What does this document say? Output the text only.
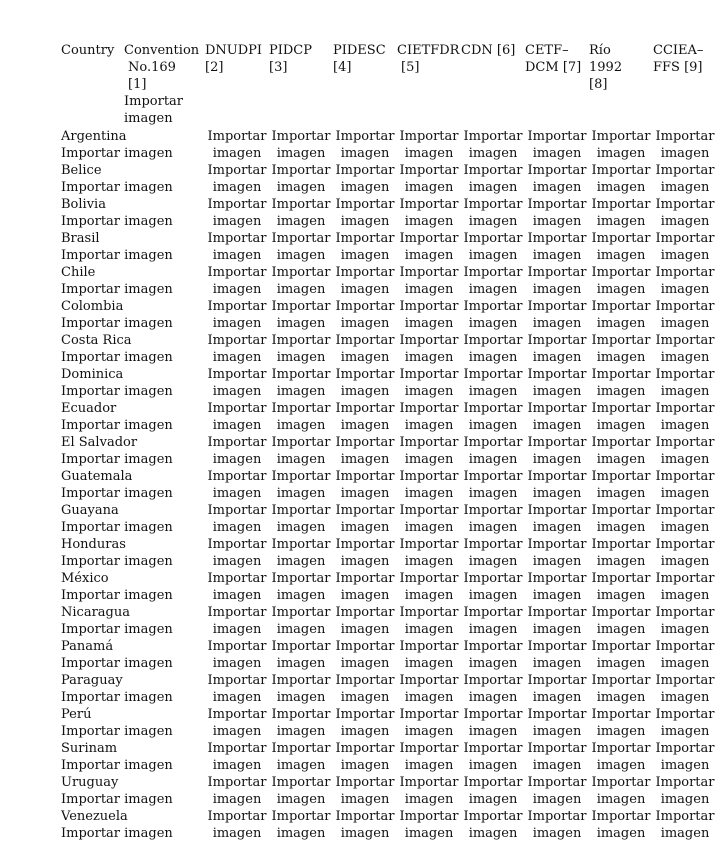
Country Convention
No.169
[1]
Importar
imagen
DNUDPI
[2]
PIDCP
[3]
PIDESC
[4]
CIETFDR
[5]
CDN [6] CETF–
DCM [7]
Río
1992
[8]
CCIEA–
FFS [9]
Argentina
Importar imagen
Importar
imagen
Importar
imagen
Importar
imagen
Importar
imagen
Importar
imagen
Importar
imagen
Importar
imagen
Importar
imagen
Belice
Importar imagen
Importar
imagen
Importar
imagen
Importar
imagen
Importar
imagen
Importar
imagen
Importar
imagen
Importar
imagen
Importar
imagen
Bolivia
Importar imagen
Importar
imagen
Importar
imagen
Importar
imagen
Importar
imagen
Importar
imagen
Importar
imagen
Importar
imagen
Importar
imagen
Brasil
Importar imagen
Importar
imagen
Importar
imagen
Importar
imagen
Importar
imagen
Importar
imagen
Importar
imagen
Importar
imagen
Importar
imagen
Chile
Importar imagen
Importar
imagen
Importar
imagen
Importar
imagen
Importar
imagen
Importar
imagen
Importar
imagen
Importar
imagen
Importar
imagen
Colombia
Importar imagen
Importar
imagen
Importar
imagen
Importar
imagen
Importar
imagen
Importar
imagen
Importar
imagen
Importar
imagen
Importar
imagen
Costa Rica
Importar imagen
Importar
imagen
Importar
imagen
Importar
imagen
Importar
imagen
Importar
imagen
Importar
imagen
Importar
imagen
Importar
imagen
Dominica
Importar imagen
Importar
imagen
Importar
imagen
Importar
imagen
Importar
imagen
Importar
imagen
Importar
imagen
Importar
imagen
Importar
imagen
Ecuador
Importar imagen
Importar
imagen
Importar
imagen
Importar
imagen
Importar
imagen
Importar
imagen
Importar
imagen
Importar
imagen
Importar
imagen
El Salvador
Importar imagen
Importar
imagen
Importar
imagen
Importar
imagen
Importar
imagen
Importar
imagen
Importar
imagen
Importar
imagen
Importar
imagen
Guatemala
Importar imagen
Importar
imagen
Importar
imagen
Importar
imagen
Importar
imagen
Importar
imagen
Importar
imagen
Importar
imagen
Importar
imagen
Guayana
Importar imagen
Importar
imagen
Importar
imagen
Importar
imagen
Importar
imagen
Importar
imagen
Importar
imagen
Importar
imagen
Importar
imagen
Honduras
Importar imagen
Importar
imagen
Importar
imagen
Importar
imagen
Importar
imagen
Importar
imagen
Importar
imagen
Importar
imagen
Importar
imagen
México
Importar imagen
Importar
imagen
Importar
imagen
Importar
imagen
Importar
imagen
Importar
imagen
Importar
imagen
Importar
imagen
Importar
imagen
Nicaragua
Importar imagen
Importar
imagen
Importar
imagen
Importar
imagen
Importar
imagen
Importar
imagen
Importar
imagen
Importar
imagen
Importar
imagen
Panamá
Importar imagen
Importar
imagen
Importar
imagen
Importar
imagen
Importar
imagen
Importar
imagen
Importar
imagen
Importar
imagen
Importar
imagen
Paraguay
Importar imagen
Importar
imagen
Importar
imagen
Importar
imagen
Importar
imagen
Importar
imagen
Importar
imagen
Importar
imagen
Importar
imagen
Perú
Importar imagen
Importar
imagen
Importar
imagen
Importar
imagen
Importar
imagen
Importar
imagen
Importar
imagen
Importar
imagen
Importar
imagen
Surinam
Importar imagen
Importar
imagen
Importar
imagen
Importar
imagen
Importar
imagen
Importar
imagen
Importar
imagen
Importar
imagen
Importar
imagen
Uruguay
Importar imagen
Importar
imagen
Importar
imagen
Importar
imagen
Importar
imagen
Importar
imagen
Importar
imagen
Importar
imagen
Importar
imagen
Venezuela
Importar imagen
Importar
imagen
Importar
imagen
Importar
imagen
Importar
imagen
Importar
imagen
Importar
imagen
Importar
imagen
Importar
imagen
